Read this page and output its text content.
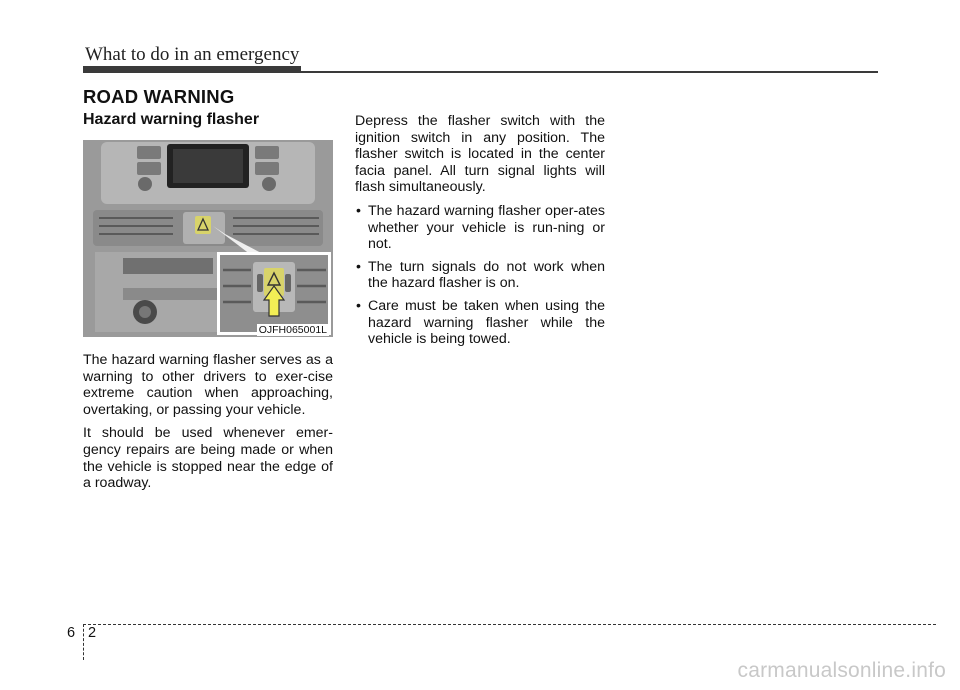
What to do in an emergency
ROAD WARNING
Hazard warning flasher
OJFH065001L

The hazard warning flasher serves as a warning to other drivers to exer-cise extreme caution when approaching, overtaking, or passing your vehicle.

It should be used whenever emer-gency repairs are being made or when the vehicle is stopped near the edge of a roadway.

Depress the flasher switch with the ignition switch in any position. The flasher switch is located in the center facia panel. All turn signal lights will flash simultaneously.

• The hazard warning flasher oper-ates whether your vehicle is run-ning or not.
• The turn signals do not work when the hazard flasher is on.
• Care must be taken when using the hazard warning flasher while the vehicle is being towed.
6 2
carmanualsonline.info
